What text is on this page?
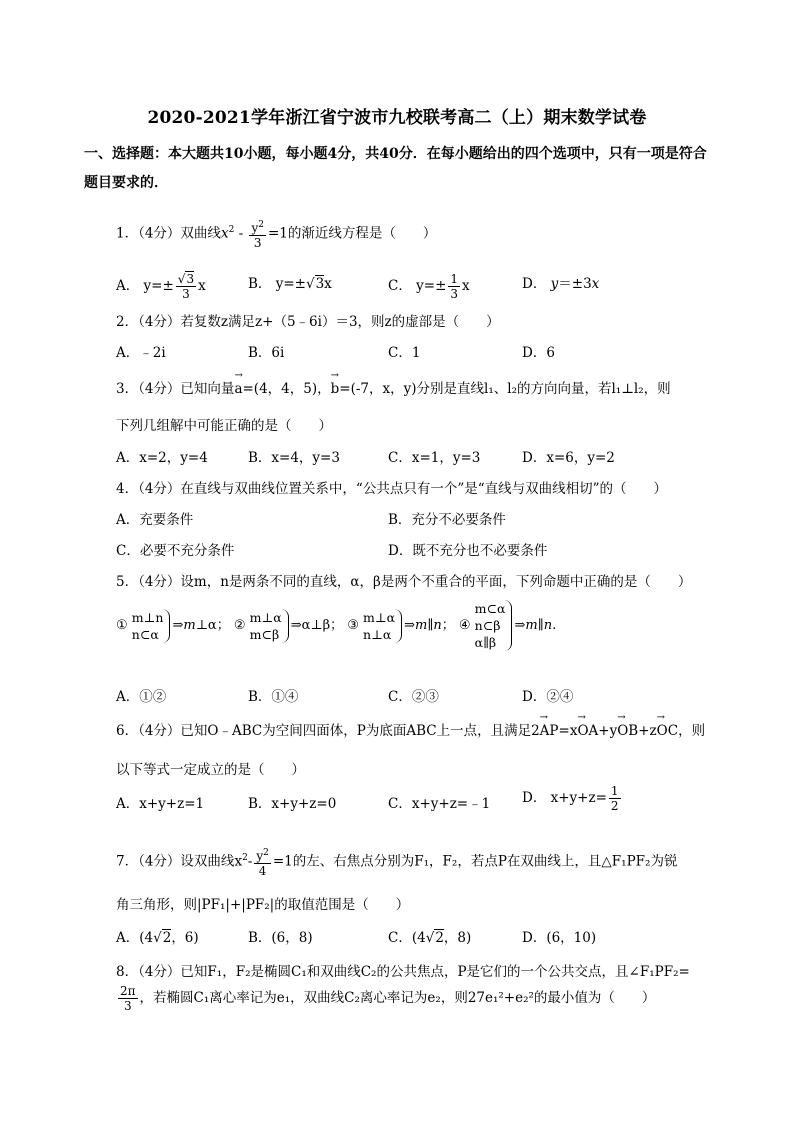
2020-2021学年浙江省宁波市九校联考高二（上）期末数学试卷
一、选择题：本大题共10小题，每小题4分，共40分．在每小题给出的四个选项中，只有一项是符合题目要求的．
1．（4分）双曲线$x^2 - \frac{y^2}{3} =1$的渐近线方程是（　　）
A． $y=\pm \frac{√3}{3}$ x	B． y=±√3x	C． $y=\pm \frac{1}{3}$ x	D． y＝±3x
2．（4分）若复数z满足z+（5﹣6i）＝3，则z的虚部是（　　）
A．﹣2i	B．6i	C．1	D．6
3．（4分）已知向量→ a=(4，4，5)，→ b=(-7，x，y)分别是直线l₁、l₂的方向向量，若l₁⊥l₂，则
下列几组解中可能正确的是（　　）
A．x=2，y=4	B．x=4，y=3	C．x=1，y=3	D．x=6，y=2
4．（4分）在直线与双曲线位置关系中，“公共点只有一个”是“直线与双曲线相切”的（　　）
A．充要条件	B．充分不必要条件
C．必要不充分条件	D．既不充分也不必要条件
5．（4分）设m，n是两条不同的直线，α，β是两个不重合的平面，下列命题中正确的是（　　）
① m⊥n
n⊂α⇒m⊥α； ② m⊥α
m⊂β⇒α⊥β； ③ m⊥α
n⊥α⇒m∥n； ④ m⊂α
n⊂β
α∥β⇒m∥n.
A．①②	B．①④	C．②③	D．②④
6．（4分）已知O﹣ABC为空间四面体，P为底面ABC上一点，且满足2→ AP=x→ OA+y→ OB+z→ OC，则
以下等式一定成立的是（　　）
A．x+y+z=1	B．x+y+z=0	C．x+y+z=﹣1 D． $x+y+z= \frac{1}{2}$
7．（4分）设双曲线$x^2- \frac{y^2}{4} =1$的左、右焦点分别为F₁，F₂，若点P在双曲线上，且△F₁PF₂为锐
角三角形，则|PF₁|+|PF₂|的取值范围是（　　）
A．(4√2，6)	B．(6，8)	C．(4√2，8)	D．(6，10)
8．（4分）已知F₁，F₂是椭圆C₁和双曲线C₂的公共焦点，P是它们的一个公共交点，且∠F₁PF₂=
$\frac{2\pi}{3}$ ，若椭圆C₁离心率记为e₁，双曲线C₂离心率记为e₂，则27e₁²+e₂²的最小值为（　　）
